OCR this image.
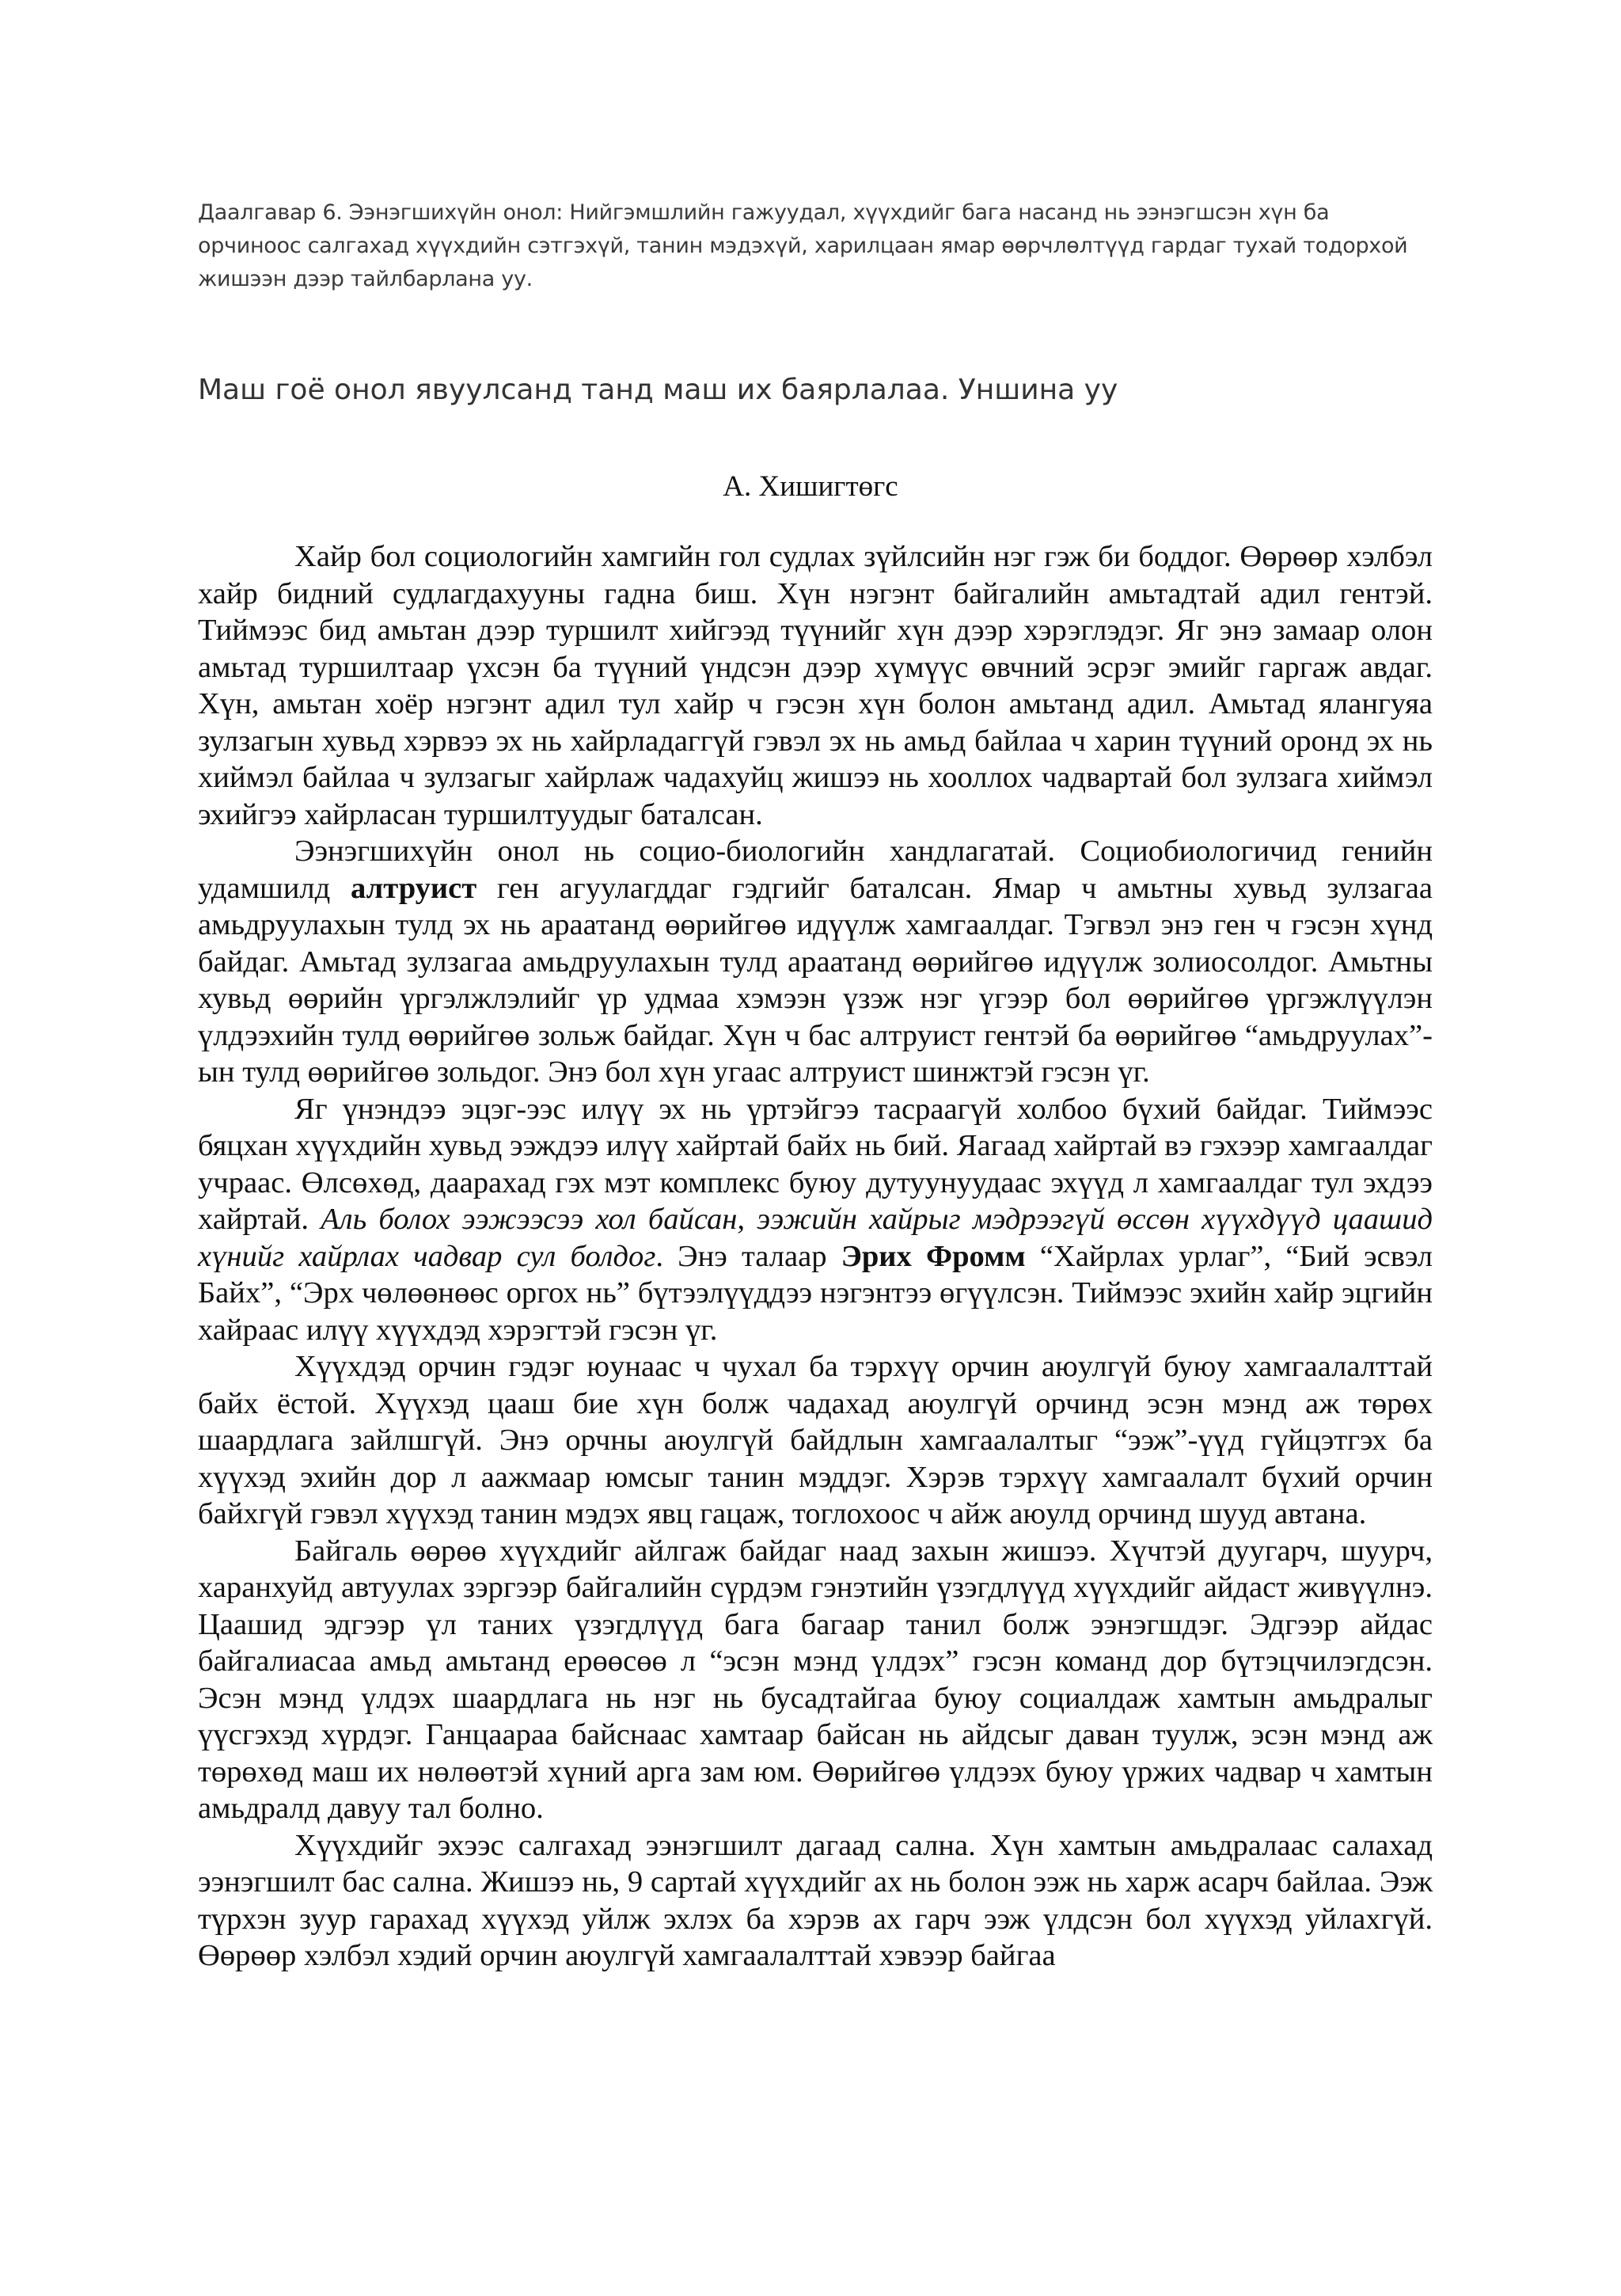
Даалгавар 6. Ээнэгшихүйн онол: Нийгэмшлийн гажуудал, хүүхдийг бага насанд нь ээнэгшсэн хүн ба орчиноос салгахад хүүхдийн сэтгэхүй, танин мэдэхүй, харилцаан ямар өөрчлөлтүүд гардаг тухай тодорхой жишээн дээр тайлбарлана уу.

Маш гоё онол явуулсанд танд маш их баярлалаа. Уншина уу

А. Хишигтөгс

Хайр бол социологийн хамгийн гол судлах зүйлсийн нэг гэж би боддог. Өөрөөр хэлбэл хайр бидний судлагдахууны гадна биш. Хүн нэгэнт байгалийн амьтадтай адил гентэй. Тиймээс бид амьтан дээр туршилт хийгээд түүнийг хүн дээр хэрэглэдэг. Яг энэ замаар олон амьтад туршилтаар үхсэн ба түүний үндсэн дээр хүмүүс өвчний эсрэг эмийг гаргаж авдаг. Хүн, амьтан хоёр нэгэнт адил тул хайр ч гэсэн хүн болон амьтанд адил. Амьтад ялангуяа зулзагын хувьд хэрвээ эх нь хайрладаггүй гэвэл эх нь амьд байлаа ч харин түүний оронд эх нь хиймэл байлаа ч зулзагыг хайрлаж чадахуйц жишээ нь хооллох чадвартай бол зулзага хиймэл эхийгээ хайрласан туршилтуудыг баталсан.

Ээнэгшихүйн онол нь социо-биологийн хандлагатай. Социобиологичид генийн удамшилд алтруист ген агуулагддаг гэдгийг баталсан. Ямар ч амьтны хувьд зулзагаа амьдруулахын тулд эх нь араатанд өөрийгөө идүүлж хамгаалдаг. Тэгвэл энэ ген ч гэсэн хүнд байдаг. Амьтад зулзагаа амьдруулахын тулд араатанд өөрийгөө идүүлж золиосолдог. Амьтны хувьд өөрийн үргэлжлэлийг үр удмаа хэмээн үзэж нэг үгээр бол өөрийгөө үргэжлүүлэн үлдээхийн тулд өөрийгөө зольж байдаг. Хүн ч бас алтруист гентэй ба өөрийгөө “амьдруулах”-ын тулд өөрийгөө зольдог. Энэ бол хүн угаас алтруист шинжтэй гэсэн үг.

Яг үнэндээ эцэг-ээс илүү эх нь үртэйгээ тасраагүй холбоо бүхий байдаг. Тиймээс бяцхан хүүхдийн хувьд ээждээ илүү хайртай байх нь бий. Яагаад хайртай вэ гэхээр хамгаалдаг учраас. Өлсөхөд, даарахад гэх мэт комплекс буюу дутуунуудаас эхүүд л хамгаалдаг тул эхдээ хайртай. Аль болох ээжээсээ хол байсан, ээжийн хайрыг мэдрээгүй өссөн хүүхдүүд цаашид хүнийг хайрлах чадвар сул болдог. Энэ талаар Эрих Фромм “Хайрлах урлаг”, “Бий эсвэл Байх”, “Эрх чөлөөнөөс оргох нь” бүтээлүүддээ нэгэнтээ өгүүлсэн. Тиймээс эхийн хайр эцгийн хайраас илүү хүүхдэд хэрэгтэй гэсэн үг.

Хүүхдэд орчин гэдэг юунаас ч чухал ба тэрхүү орчин аюулгүй буюу хамгаалалттай байх ёстой. Хүүхэд цааш бие хүн болж чадахад аюулгүй орчинд эсэн мэнд аж төрөх шаардлага зайлшгүй. Энэ орчны аюулгүй байдлын хамгаалалтыг “ээж”-үүд гүйцэтгэх ба хүүхэд эхийн дор л аажмаар юмсыг танин мэддэг. Хэрэв тэрхүү хамгаалалт бүхий орчин байхгүй гэвэл хүүхэд танин мэдэх явц гацаж, тоглохоос ч айж аюулд орчинд шууд автана.

Байгаль өөрөө хүүхдийг айлгаж байдаг наад захын жишээ. Хүчтэй дуугарч, шуурч, харанхуйд автуулах зэргээр байгалийн сүрдэм гэнэтийн үзэгдлүүд хүүхдийг айдаст живүүлнэ. Цаашид эдгээр үл таних үзэгдлүүд бага багаар танил болж ээнэгшдэг. Эдгээр айдас байгалиасаа амьд амьтанд ерөөсөө л “эсэн мэнд үлдэх” гэсэн команд дор бүтэцчилэгдсэн. Эсэн мэнд үлдэх шаардлага нь нэг нь бусадтайгаа буюу социалдаж хамтын амьдралыг үүсгэхэд хүрдэг. Ганцаараа байснаас хамтаар байсан нь айдсыг даван туулж, эсэн мэнд аж төрөхөд маш их нөлөөтэй хүний арга зам юм. Өөрийгөө үлдээх буюу үржих чадвар ч хамтын амьдралд давуу тал болно.

Хүүхдийг эхээс салгахад ээнэгшилт дагаад сална. Хүн хамтын амьдралаас салахад ээнэгшилт бас сална. Жишээ нь, 9 сартай хүүхдийг ах нь болон ээж нь харж асарч байлаа. Ээж түрхэн зуур гарахад хүүхэд уйлж эхлэх ба хэрэв ах гарч ээж үлдсэн бол хүүхэд уйлахгүй. Өөрөөр хэлбэл хэдий орчин аюулгүй хамгаалалттай хэвээр байгаа
